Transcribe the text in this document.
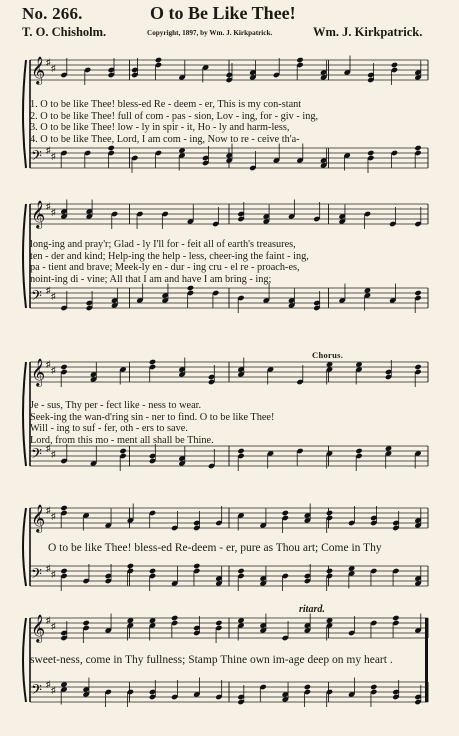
No. 266.	O to Be Like Thee!
T. O. Chisholm.	Copyright, 1897, by Wm. J. Kirkpatrick.	Wm. J. Kirkpatrick.
𝄞 ♯
♯
𝄢 ♯
♯
1. O to be like Thee! bless-ed Re - deem - er, This is my con-stant
2. O to be like Thee! full of com - pas - sion, Lov - ing, for - giv - ing,
3. O to be like Thee! low - ly in spir - it, Ho - ly and harm-less,
4. O to be like Thee, Lord, I am com - ing, Now to re - ceive th'a-
𝄞 ♯
♯
𝄢 ♯
♯
long-ing and pray'r; Glad - ly I'll for - feit all of earth's treasures,
ten - der and kind; Help-ing the help - less, cheer-ing the faint - ing,
pa - tient and brave; Meek-ly en - dur - ing cru - el re - proach-es,
noint-ing di - vine; All that I am and have I am bring - ing;
Chorus.
𝄞 ♯
♯
𝄢 ♯
♯
Je - sus, Thy per - fect like - ness to wear.
Seek-ing the wan-d'ring sin - ner to find. O to be like Thee!
Will - ing to suf - fer, oth - ers to save.
Lord, from this mo - ment all shall be Thine.
𝄞 ♯
♯
𝄢 ♯
♯
O to be like Thee! bless-ed Re-deem - er, pure as Thou art; Come in Thy
ritard.
𝄞 ♯
♯
𝄢 ♯
♯
sweet-ness, come in Thy fullness; Stamp Thine own im-age deep on my heart .
